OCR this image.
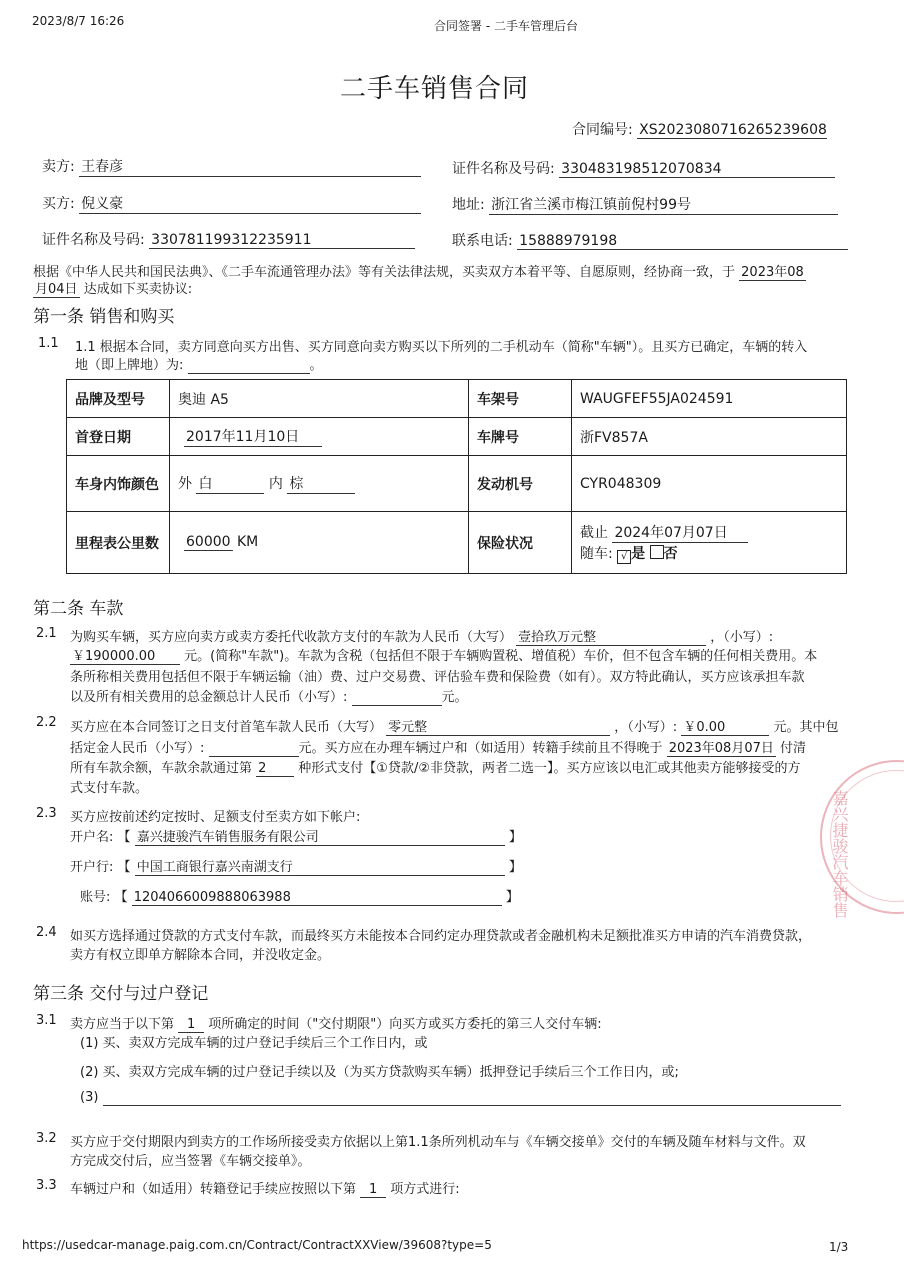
2023/8/7 16:26	合同签署 - 二手车管理后台
二手车销售合同
合同编号: XS2023080716265239608
卖方: 王春彦	证件名称及号码: 330483198512070834
买方: 倪义豪	地址: 浙江省兰溪市梅江镇前倪村99号
证件名称及号码: 330781199312235911	联系电话: 15888979198
根据《中华人民共和国民法典》、《二手车流通管理办法》等有关法律法规，买卖双方本着平等、自愿原则，经协商一致，于 2023年08
月04日 达成如下买卖协议:
第一条 销售和购买
1.1 1.1 根据本合同，卖方同意向买方出售、买方同意向卖方购买以下所列的二手机动车（简称"车辆"）。且买方已确定，车辆的转入
地（即上牌地）为:	。
品牌及型号	奥迪 A5	车架号	WAUGFEF55JA024591
首登日期	2017年11月10日	车牌号	浙FV857A
车身内饰颜色	外 白 内 棕	发动机号	CYR048309
里程表公里数	60000 KM	保险状况	截止 2024年07月07日
随车: √ 是 否
第二条 车款
2.1 为购买车辆，买方应向卖方或卖方委托代收款方支付的车款为人民币（大写） 壹拾玖万元整	，（小写）:
￥190000.00 元。(简称"车款")。车款为含税（包括但不限于车辆购置税、增值税）车价，但不包含车辆的任何相关费用。本
条所称相关费用包括但不限于车辆运输（油）费、过户交易费、评估验车费和保险费（如有）。双方特此确认，买方应该承担车款
以及所有相关费用的总金额总计人民币（小写）:	元。
2.2 买方应在本合同签订之日支付首笔车款人民币（大写） 零元整	，（小写）: ￥0.00	元。其中包
括定金人民币（小写）:	元。买方应在办理车辆过户和（如适用）转籍手续前且不得晚于 2023年08月07日 付清
所有车款余额，车款余款通过第 2 种形式支付【①贷款/②非贷款，两者二选一】。买方应该以电汇或其他卖方能够接受的方
式支付车款。
2.3 买方应按前述约定按时、足额支付至卖方如下帐户:
开户名: 【 嘉兴捷骏汽车销售服务有限公司	】
开户行: 【 中国工商银行嘉兴南湖支行	】
账号: 【 1204066009888063988	】
2.4 如买方选择通过贷款的方式支付车款，而最终买方未能按本合同约定办理贷款或者金融机构未足额批准买方申请的汽车消费贷款，
卖方有权立即单方解除本合同，并没收定金。
第三条 交付与过户登记
3.1 卖方应当于以下第 1 项所确定的时间（"交付期限"）向买方或买方委托的第三人交付车辆:
(1) 买、卖双方完成车辆的过户登记手续后三个工作日内，或
(2) 买、卖双方完成车辆的过户登记手续以及（为买方贷款购买车辆）抵押登记手续后三个工作日内，或;
(3)
3.2 买方应于交付期限内到卖方的工作场所接受卖方依据以上第1.1条所列机动车与《车辆交接单》交付的车辆及随车材料与文件。双
方完成交付后，应当签署《车辆交接单》。
3.3 车辆过户和（如适用）转籍登记手续应按照以下第 1 项方式进行:
嘉兴捷骏汽车销售
https://usedcar-manage.paig.com.cn/Contract/ContractXXView/39608?type=5	1/3
